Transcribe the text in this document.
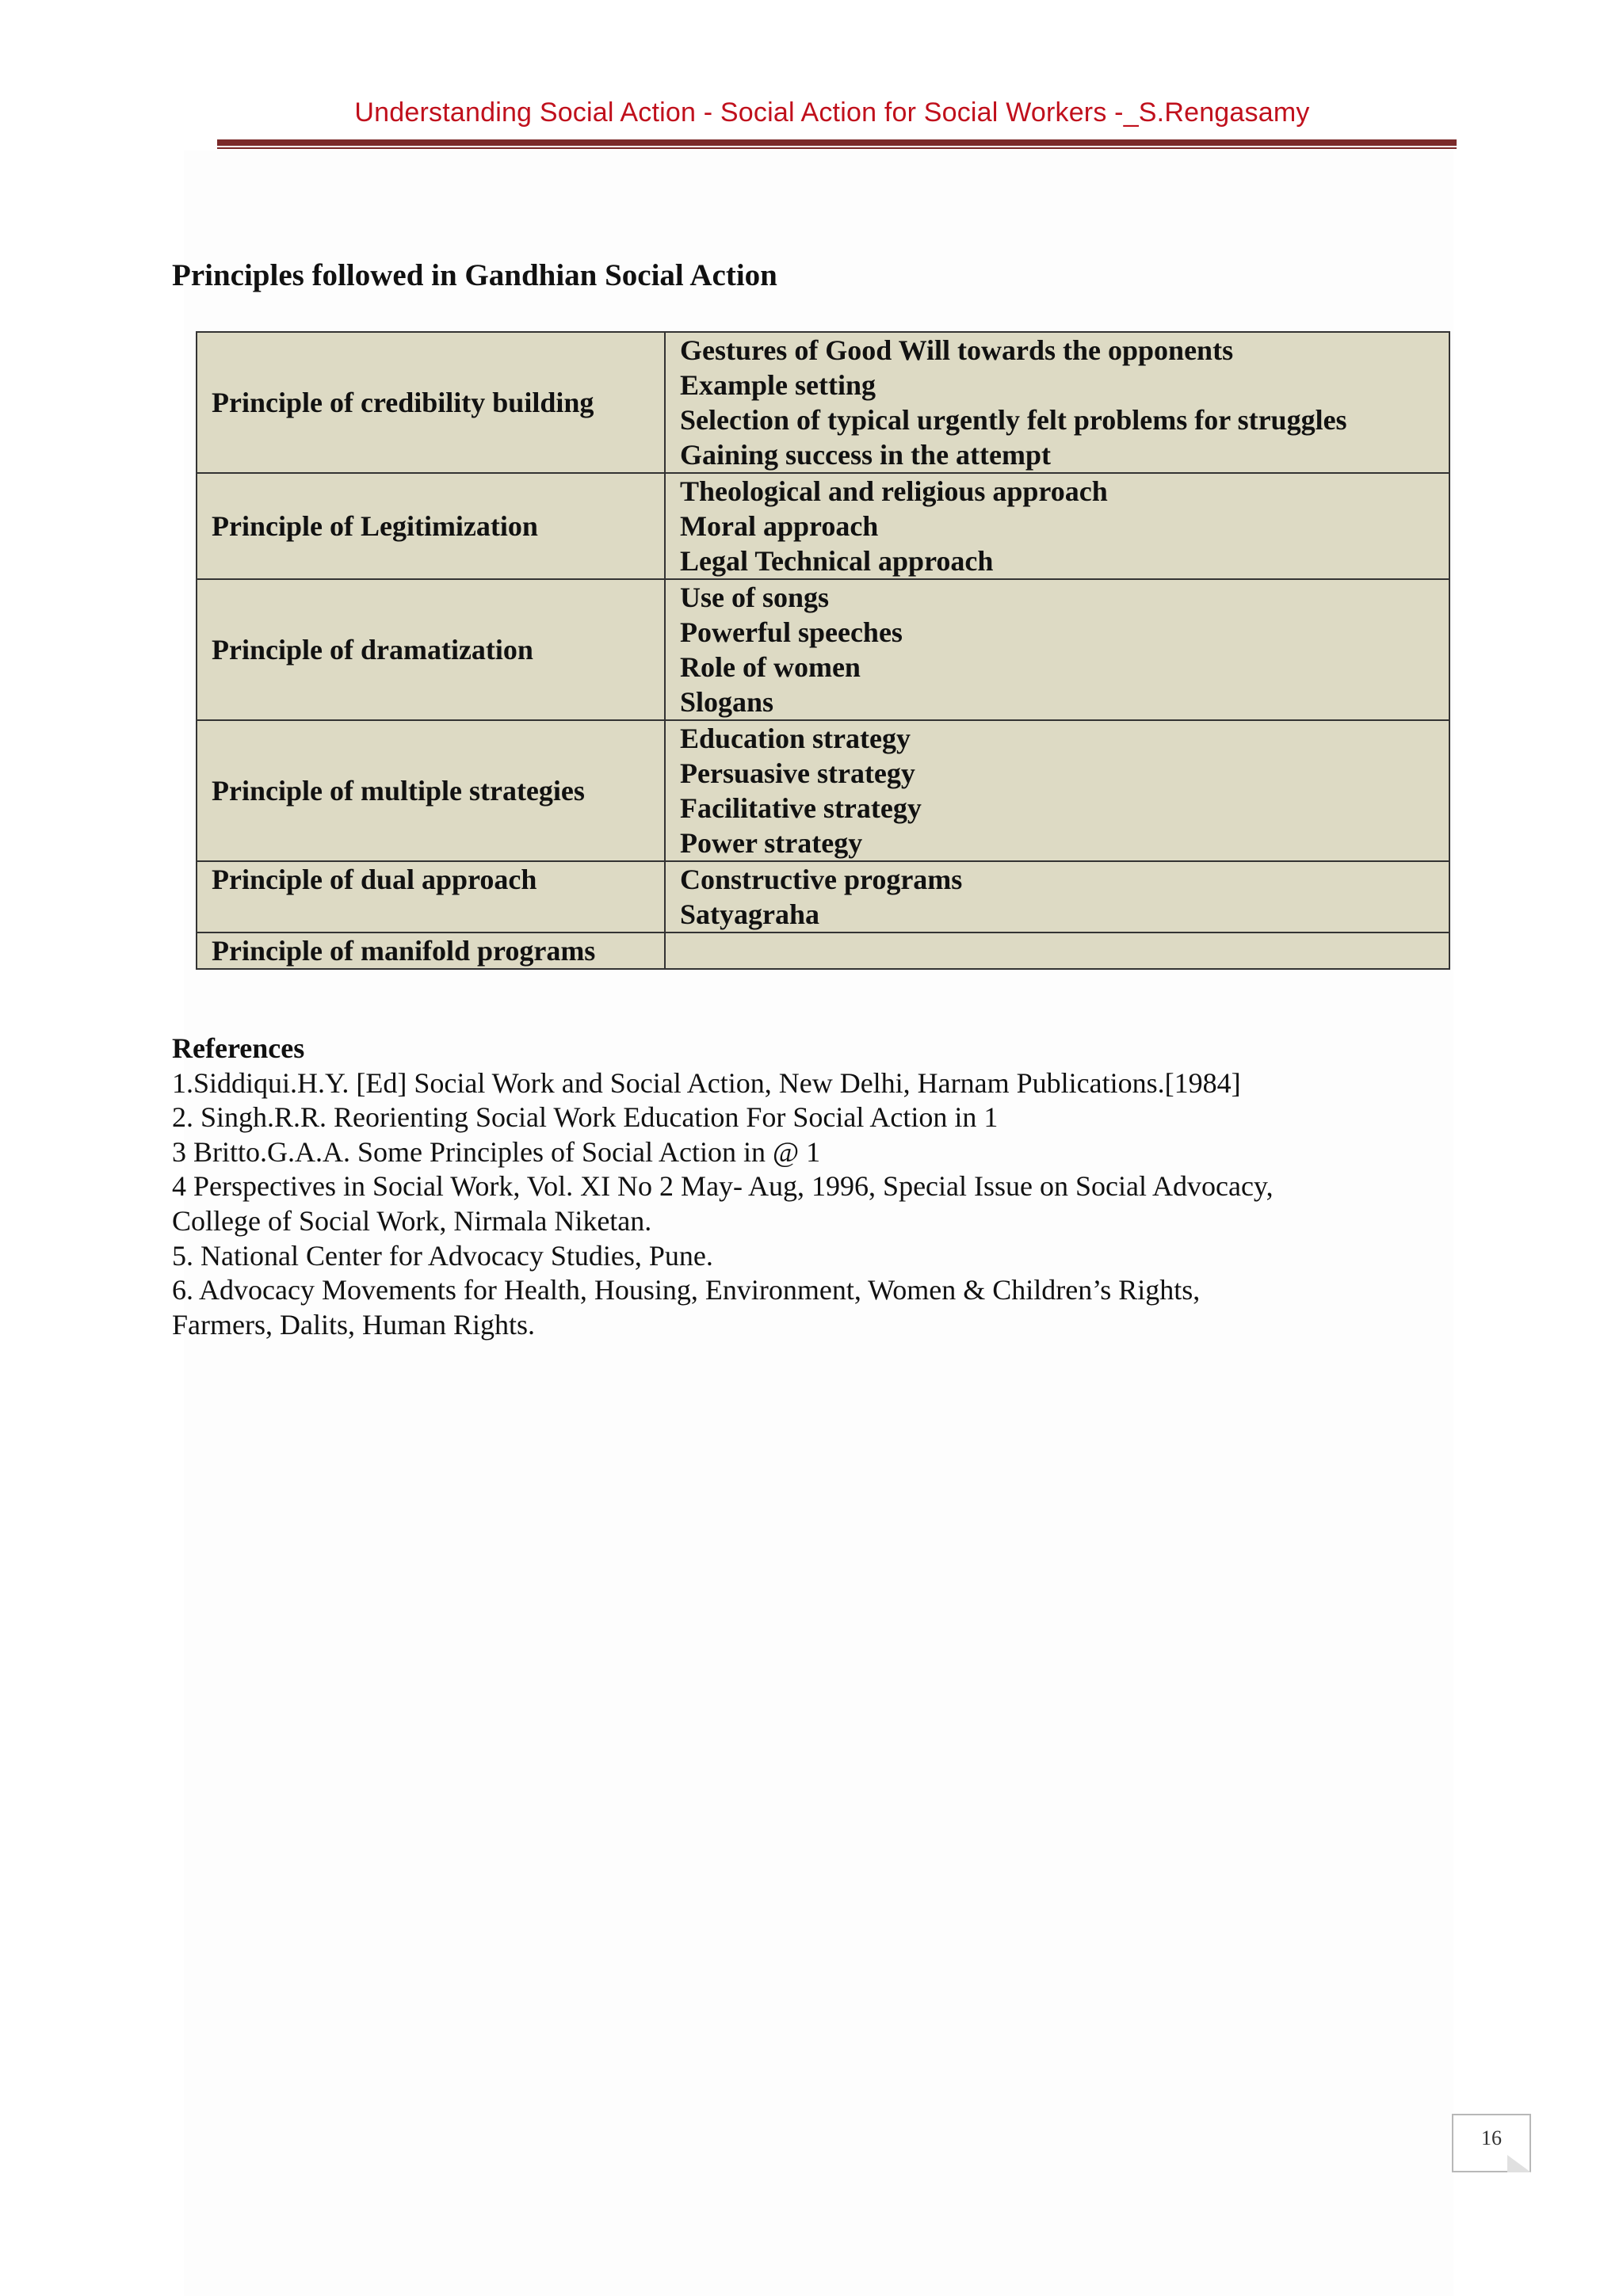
Understanding Social Action - Social Action for Social Workers -_S.Rengasamy
Principles followed in Gandhian Social Action
Principle of credibility building	Gestures of Good Will towards the opponents
Example setting
Selection of typical urgently felt problems for struggles
Gaining success in the attempt

Principle of Legitimization	Theological and religious approach
Moral approach
Legal Technical approach

Principle of dramatization	Use of songs
Powerful speeches
Role of women
Slogans

Principle of multiple strategies	Education strategy
Persuasive strategy
Facilitative strategy
Power strategy

Principle of dual approach	Constructive programs
Satyagraha

Principle of manifold programs	
References
1.Siddiqui.H.Y. [Ed] Social Work and Social Action, New Delhi, Harnam Publications.[1984]
2. Singh.R.R. Reorienting Social Work Education For Social Action in 1
3 Britto.G.A.A. Some Principles of Social Action in @ 1
4 Perspectives in Social Work, Vol. XI No 2 May- Aug, 1996, Special Issue on Social Advocacy,
College of Social Work, Nirmala Niketan.
5. National Center for Advocacy Studies, Pune.
6. Advocacy Movements for Health, Housing, Environment, Women & Children’s Rights,
Farmers, Dalits, Human Rights.
16
